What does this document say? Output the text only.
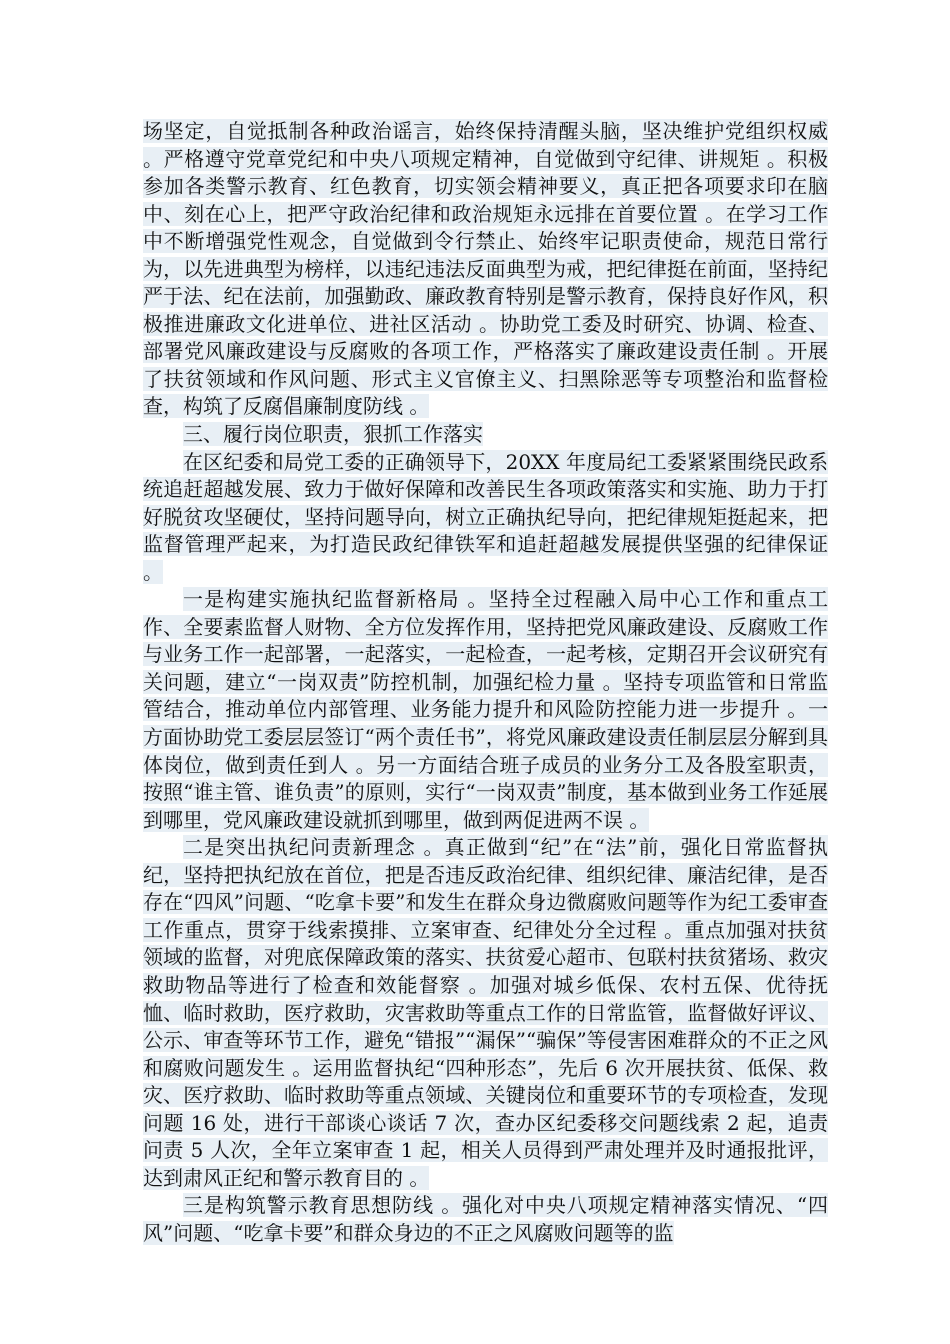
场坚定，自觉抵制各种政治谣言，始终保持清醒头脑，坚决维护党组织权威 。严格遵守党章党纪和中央八项规定精神，自觉做到守纪律、讲规矩 。积极参加各类警示教育、红色教育，切实领会精神要义，真正把各项要求印在脑中、刻在心上，把严守政治纪律和政治规矩永远排在首要位置 。在学习工作中不断增强党性观念，自觉做到令行禁止、始终牢记职责使命，规范日常行为，以先进典型为榜样，以违纪违法反面典型为戒，把纪律挺在前面，坚持纪严于法、纪在法前，加强勤政、廉政教育特别是警示教育，保持良好作风，积极推进廉政文化进单位、进社区活动 。协助党工委及时研究、协调、检查、部署党风廉政建设与反腐败的各项工作，严格落实了廉政建设责任制 。开展了扶贫领域和作风问题、形式主义官僚主义、扫黑除恶等专项整治和监督检查，构筑了反腐倡廉制度防线 。

三、履行岗位职责，狠抓工作落实

在区纪委和局党工委的正确领导下，20XX 年度局纪工委紧紧围绕民政系统追赶超越发展、致力于做好保障和改善民生各项政策落实和实施、助力于打好脱贫攻坚硬仗，坚持问题导向，树立正确执纪导向，把纪律规矩挺起来，把监督管理严起来，为打造民政纪律铁军和追赶超越发展提供坚强的纪律保证 。

一是构建实施执纪监督新格局 。坚持全过程融入局中心工作和重点工作、全要素监督人财物、全方位发挥作用，坚持把党风廉政建设、反腐败工作与业务工作一起部署，一起落实，一起检查，一起考核，定期召开会议研究有关问题，建立“一岗双责”防控机制，加强纪检力量 。坚持专项监管和日常监管结合，推动单位内部管理、业务能力提升和风险防控能力进一步提升 。一方面协助党工委层层签订“两个责任书”，将党风廉政建设责任制层层分解到具体岗位，做到责任到人 。另一方面结合班子成员的业务分工及各股室职责，按照“谁主管、谁负责”的原则，实行“一岗双责”制度，基本做到业务工作延展到哪里，党风廉政建设就抓到哪里，做到两促进两不误 。

二是突出执纪问责新理念 。真正做到“纪”在“法”前，强化日常监督执纪，坚持把执纪放在首位，把是否违反政治纪律、组织纪律、廉洁纪律，是否存在“四风”问题、“吃拿卡要”和发生在群众身边微腐败问题等作为纪工委审查工作重点，贯穿于线索摸排、立案审查、纪律处分全过程 。重点加强对扶贫领域的监督，对兜底保障政策的落实、扶贫爱心超市、包联村扶贫猪场、救灾救助物品等进行了检查和效能督察 。加强对城乡低保、农村五保、优待抚恤、临时救助，医疗救助，灾害救助等重点工作的日常监管，监督做好评议、公示、审查等环节工作，避免“错报”“漏保”“骗保”等侵害困难群众的不正之风和腐败问题发生 。运用监督执纪“四种形态”，先后 6 次开展扶贫、低保、救灾、医疗救助、临时救助等重点领域、关键岗位和重要环节的专项检查，发现问题 16 处，进行干部谈心谈话 7 次，查办区纪委移交问题线索 2 起，追责问责 5 人次，全年立案审查 1 起，相关人员得到严肃处理并及时通报批评，达到肃风正纪和警示教育目的 。

三是构筑警示教育思想防线 。强化对中央八项规定精神落实情况、“四风”问题、“吃拿卡要”和群众身边的不正之风腐败问题等的监
